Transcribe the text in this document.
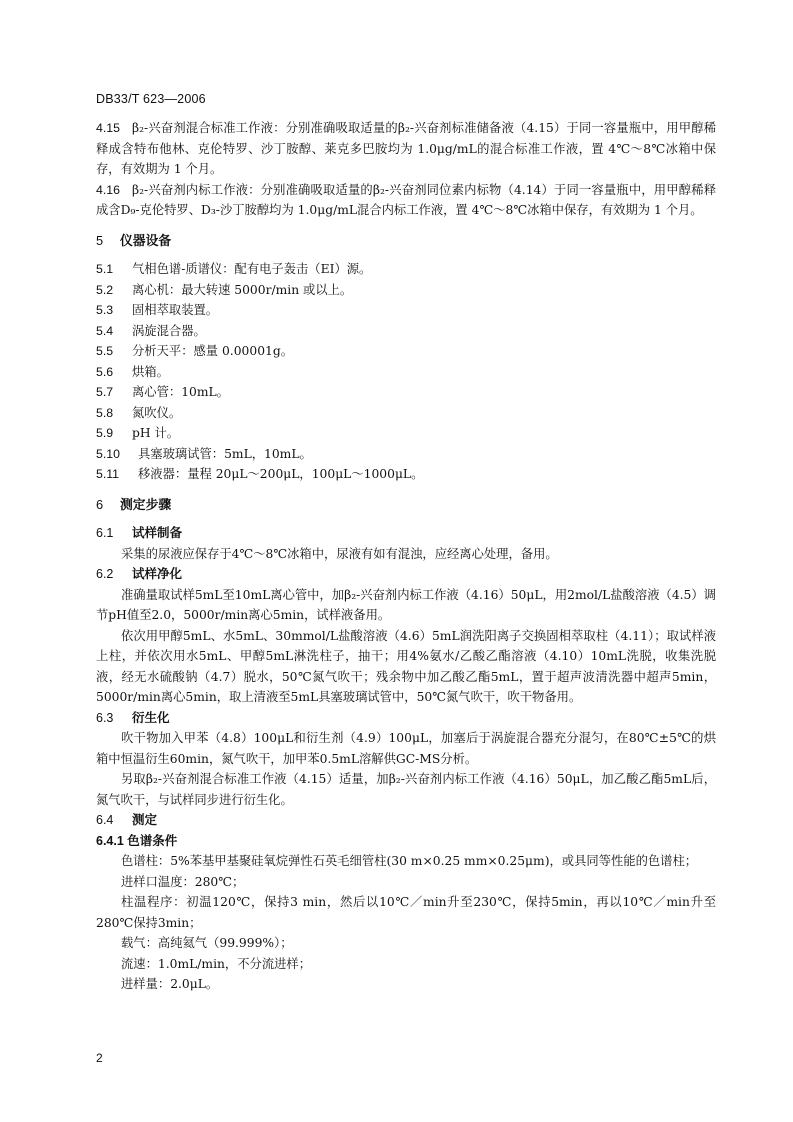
DB33/T 623—2006

4.15 β₂-兴奋剂混合标准工作液：分别准确吸取适量的β₂-兴奋剂标准储备液（4.15）于同一容量瓶中，用甲醇稀释成含特布他林、克伦特罗、沙丁胺醇、莱克多巴胺均为 1.0μg/mL的混合标准工作液，置 4℃～8℃冰箱中保存，有效期为 1 个月。

4.16 β₂-兴奋剂内标工作液：分别准确吸取适量的β₂-兴奋剂同位素内标物（4.14）于同一容量瓶中，用甲醇稀释成含D₉-克伦特罗、D₃-沙丁胺醇均为 1.0μg/mL混合内标工作液，置 4℃～8℃冰箱中保存，有效期为 1 个月。

5 仪器设备

5.1 气相色谱-质谱仪：配有电子轰击（EI）源。

5.2 离心机：最大转速 5000r/min 或以上。

5.3 固相萃取装置。

5.4 涡旋混合器。

5.5 分析天平：感量 0.00001g。

5.6 烘箱。

5.7 离心管：10mL。

5.8 氮吹仪。

5.9 pH 计。

5.10 具塞玻璃试管：5mL，10mL。

5.11 移液器：量程 20μL～200μL，100μL～1000μL。

6 测定步骤
6.1 试样制备

采集的尿液应保存于4℃～8℃冰箱中，尿液有如有混浊，应经离心处理，备用。

6.2 试样净化

准确量取试样5mL至10mL离心管中，加β₂-兴奋剂内标工作液（4.16）50μL，用2mol/L盐酸溶液（4.5）调节pH值至2.0，5000r/min离心5min，试样液备用。

依次用甲醇5mL、水5mL、30mmol/L盐酸溶液（4.6）5mL润洗阳离子交换固相萃取柱（4.11）；取试样液上柱，并依次用水5mL、甲醇5mL淋洗柱子，抽干；用4%氨水/乙酸乙酯溶液（4.10）10mL洗脱，收集洗脱液，经无水硫酸钠（4.7）脱水，50℃氮气吹干；残余物中加乙酸乙酯5mL，置于超声波清洗器中超声5min，5000r/min离心5min，取上清液至5mL具塞玻璃试管中，50℃氮气吹干，吹干物备用。

6.3 衍生化

吹干物加入甲苯（4.8）100μL和衍生剂（4.9）100μL，加塞后于涡旋混合器充分混匀，在80℃±5℃的烘箱中恒温衍生60min，氮气吹干，加甲苯0.5mL溶解供GC-MS分析。

另取β₂-兴奋剂混合标准工作液（4.15）适量，加β₂-兴奋剂内标工作液（4.16）50μL，加乙酸乙酯5mL后，氮气吹干，与试样同步进行衍生化。

6.4 测定
6.4.1 色谱条件

色谱柱：5%苯基甲基聚硅氧烷弹性石英毛细管柱(30 m×0.25 mm×0.25μm)，或具同等性能的色谱柱；

进样口温度：280℃；

柱温程序：初温120℃，保持3 min，然后以10℃／min升至230℃，保持5min，再以10℃／min升至280℃保持3min；

载气：高纯氦气（99.999%）；

流速：1.0mL/min，不分流进样；

进样量：2.0μL。

2
